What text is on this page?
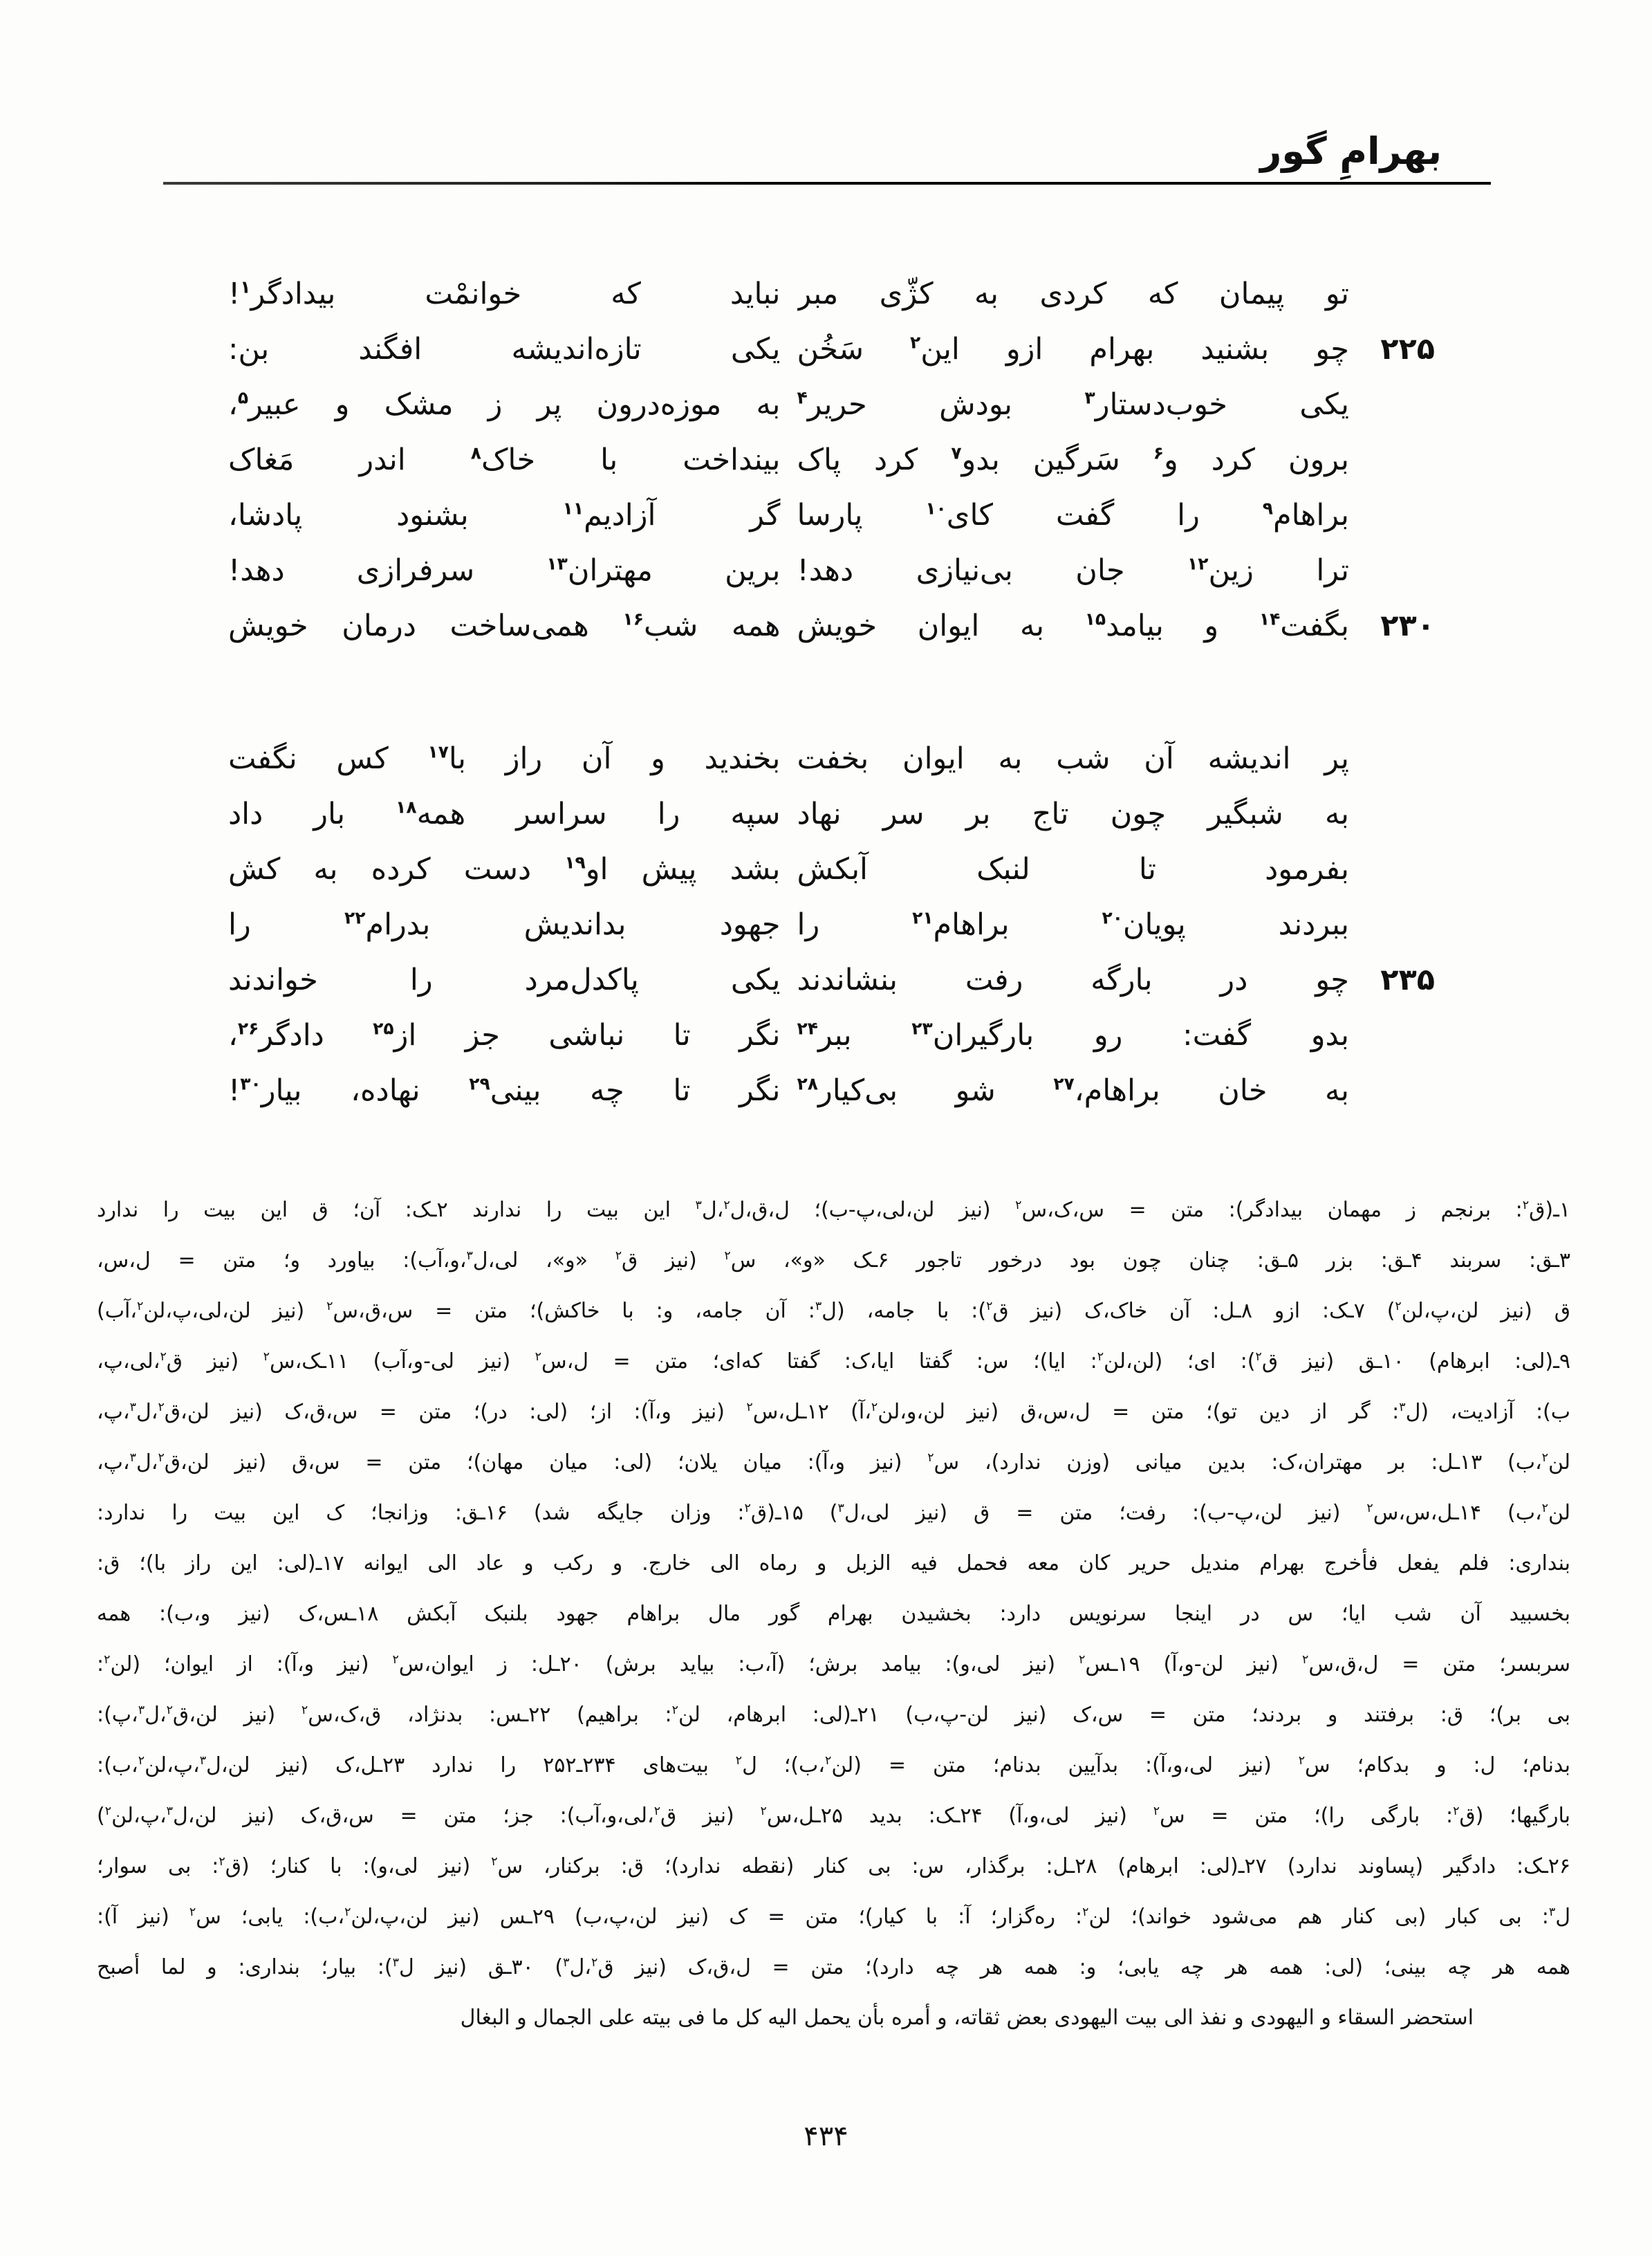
بهرامِ گور
تو پیمان که کردی به کژّی مبر
نباید که خوانمْت بیدادگر$^۱$!
۲۲۵
چو بشنید بهرام ازو این$^۲$ سَخُن
یکی تازه‌اندیشه افگند بن:
یکی خوب‌دستار$^۳$ بودش حریر$^۴$
به موزه‌درون پر ز مشک و عبیر$^۵$،
برون کرد و$^۶$ سَرگین بدو$^۷$ کرد پاک
بینداخت با خاک$^۸$ اندر مَغاک
براهام$^۹$ را گفت کای$^{۱۰}$ پارسا
گر آزادیم$^{۱۱}$ بشنود پادشا،
ترا زین$^{۱۲}$ جان بی‌نیازی دهد!
برین مهتران$^{۱۳}$ سرفرازی دهد!
۲۳۰
بگفت$^{۱۴}$ و بیامد$^{۱۵}$ به ایوان خویش
همه شب$^{۱۶}$ همی‌ساخت درمان خویش
پر اندیشه آن شب به ایوان بخفت
بخندید و آن راز با$^{۱۷}$ کس نگفت
به شبگیر چون تاج بر سر نهاد
سپه را سراسر همه$^{۱۸}$ بار داد
بفرمود تا لنبک آبکش
بشد پیش او$^{۱۹}$ دست کرده به کش
ببردند پویان$^{۲۰}$ براهام$^{۲۱}$ را
جهود بداندیش بدرام$^{۲۲}$ را
۲۳۵
چو در بارگه رفت بنشاندند
یکی پاکدل‌مرد را خواندند
بدو گفت: رو بارگیران$^{۲۳}$ ببر$^{۲۴}$
نگر تا نباشی جز از$^{۲۵}$ دادگر$^{۲۶}$،
به خان براهام،$^{۲۷}$ شو بی‌کیار$^{۲۸}$
نگر تا چه بینی$^{۲۹}$ نهاده، بیار$^{۳۰}$!
۱ـ(ق$^۲$: برنجم ز مهمان بیدادگر): متن = س،ک،س$^۲$ (نیز لن،لی،پ-ب)؛ ل،ق،ل$^۲$،ل$^۳$ این بیت را ندارند ۲ـک: آن؛ ق این بیت را ندارد
۳ـق: سربند ۴ـق: بزر ۵ـق: چنان چون بود درخور تاجور ۶ـک «و»، س$^۲$ (نیز ق$^۲$ «و»، لی،ل$^۳$،و،آب): بیاورد و؛ متن = ل،س،
ق (نیز لن،پ،لن$^۲$) ۷ـک: ازو ۸ـل: آن خاک،ک (نیز ق$^۲$): با جامه، (ل$^۳$: آن جامه، و: با خاکش)؛ متن = س،ق،س$^۲$ (نیز لن،لی،پ،لن$^۲$،آب)
۹ـ(لی: ابرهام) ۱۰ـق (نیز ق$^۲$): ای؛ (لن،لن$^۲$: ایا)؛ س: گفتا ایا،ک: گفتا که‌ای؛ متن = ل،س$^۲$ (نیز لی-و،آب) ۱۱ـک،س$^۲$ (نیز ق$^۲$،لی،پ،
ب): آزادیت، (ل$^۳$: گر از دین تو)؛ متن = ل،س،ق (نیز لن،و،لن$^۲$،آ) ۱۲ـل،س$^۲$ (نیز و،آ): از؛ (لی: در)؛ متن = س،ق،ک (نیز لن،ق$^۲$،ل$^۳$،پ،
لن$^۲$،ب) ۱۳ـل: بر مهتران،ک: بدین میانی (وزن ندارد)، س$^۲$ (نیز و،آ): میان یلان؛ (لی: میان مهان)؛ متن = س،ق (نیز لن،ق$^۲$،ل$^۳$،پ،
لن$^۲$،ب) ۱۴ـل،س،س$^۲$ (نیز لن،پ-ب): رفت؛ متن = ق (نیز لی،ل$^۳$) ۱۵ـ(ق$^۲$: وزان جایگه شد) ۱۶ـق: وزانجا؛ ک این بیت را ندارد:
بنداری: فلم یفعل فأخرج بهرام مندیل حریر کان معه فحمل فیه الزبل و رماه الی خارج. و رکب و عاد الی ایوانه ۱۷ـ(لی: این راز با)؛ ق:
بخسبید آن شب ایا؛ س در اینجا سرنویس دارد: بخشیدن بهرام گور مال براهام جهود بلنبک آبکش ۱۸ـس،ک (نیز و،ب): همه
سربسر؛ متن = ل،ق،س$^۲$ (نیز لن-و،آ) ۱۹ـس$^۲$ (نیز لی،و): بیامد برش؛ (آ،ب: بیاید برش) ۲۰ـل: ز ایوان،س$^۲$ (نیز و،آ): از ایوان؛ (لن$^۲$:
بی بر)؛ ق: برفتند و بردند؛ متن = س،ک (نیز لن-پ،ب) ۲۱ـ(لی: ابرهام، لن$^۲$: براهیم) ۲۲ـس: بدنژاد، ق،ک،س$^۲$ (نیز لن،ق$^۲$،ل$^۳$،پ):
بدنام؛ ل: و بدکام؛ س$^۲$ (نیز لی،و،آ): بدآیین بدنام؛ متن = (لن$^۲$،ب)؛ ل$^۲$ بیت‌های ۲۳۴ـ۲۵۲ را ندارد ۲۳ـل،ک (نیز لن،ل$^۳$،پ،لن$^۲$،ب):
بارگیها؛ (ق$^۲$: بارگی را)؛ متن = س$^۲$ (نیز لی،و،آ) ۲۴ـک: بدید ۲۵ـل،س$^۲$ (نیز ق$^۲$،لی،و،آب): جز؛ متن = س،ق،ک (نیز لن،ل$^۳$،پ،لن$^۲$)
۲۶ـک: دادگیر (پساوند ندارد) ۲۷ـ(لی: ابرهام) ۲۸ـل: برگذار، س: بی کنار (نقطه ندارد)؛ ق: برکنار، س$^۲$ (نیز لی،و): با کنار؛ (ق$^۲$: بی سوار؛
ل$^۳$: بی کبار (بی کنار هم می‌شود خواند)؛ لن$^۲$: ره‌گزار؛ آ: با کیار)؛ متن = ک (نیز لن،پ،ب) ۲۹ـس (نیز لن،پ،لن$^۲$،ب): یابی؛ س$^۲$ (نیز آ):
همه هر چه بینی؛ (لی: همه هر چه یابی؛ و: همه هر چه دارد)؛ متن = ل،ق،ک (نیز ق$^۲$،ل$^۳$) ۳۰ـق (نیز ل$^۳$): بیار؛ بنداری: و لما أصبح
استحضر السقاء و الیهودی و نفذ الی بیت الیهودی بعض ثقاته، و أمره بأن یحمل الیه کل ما فی بیته علی الجمال و البغال
۴۳۴
